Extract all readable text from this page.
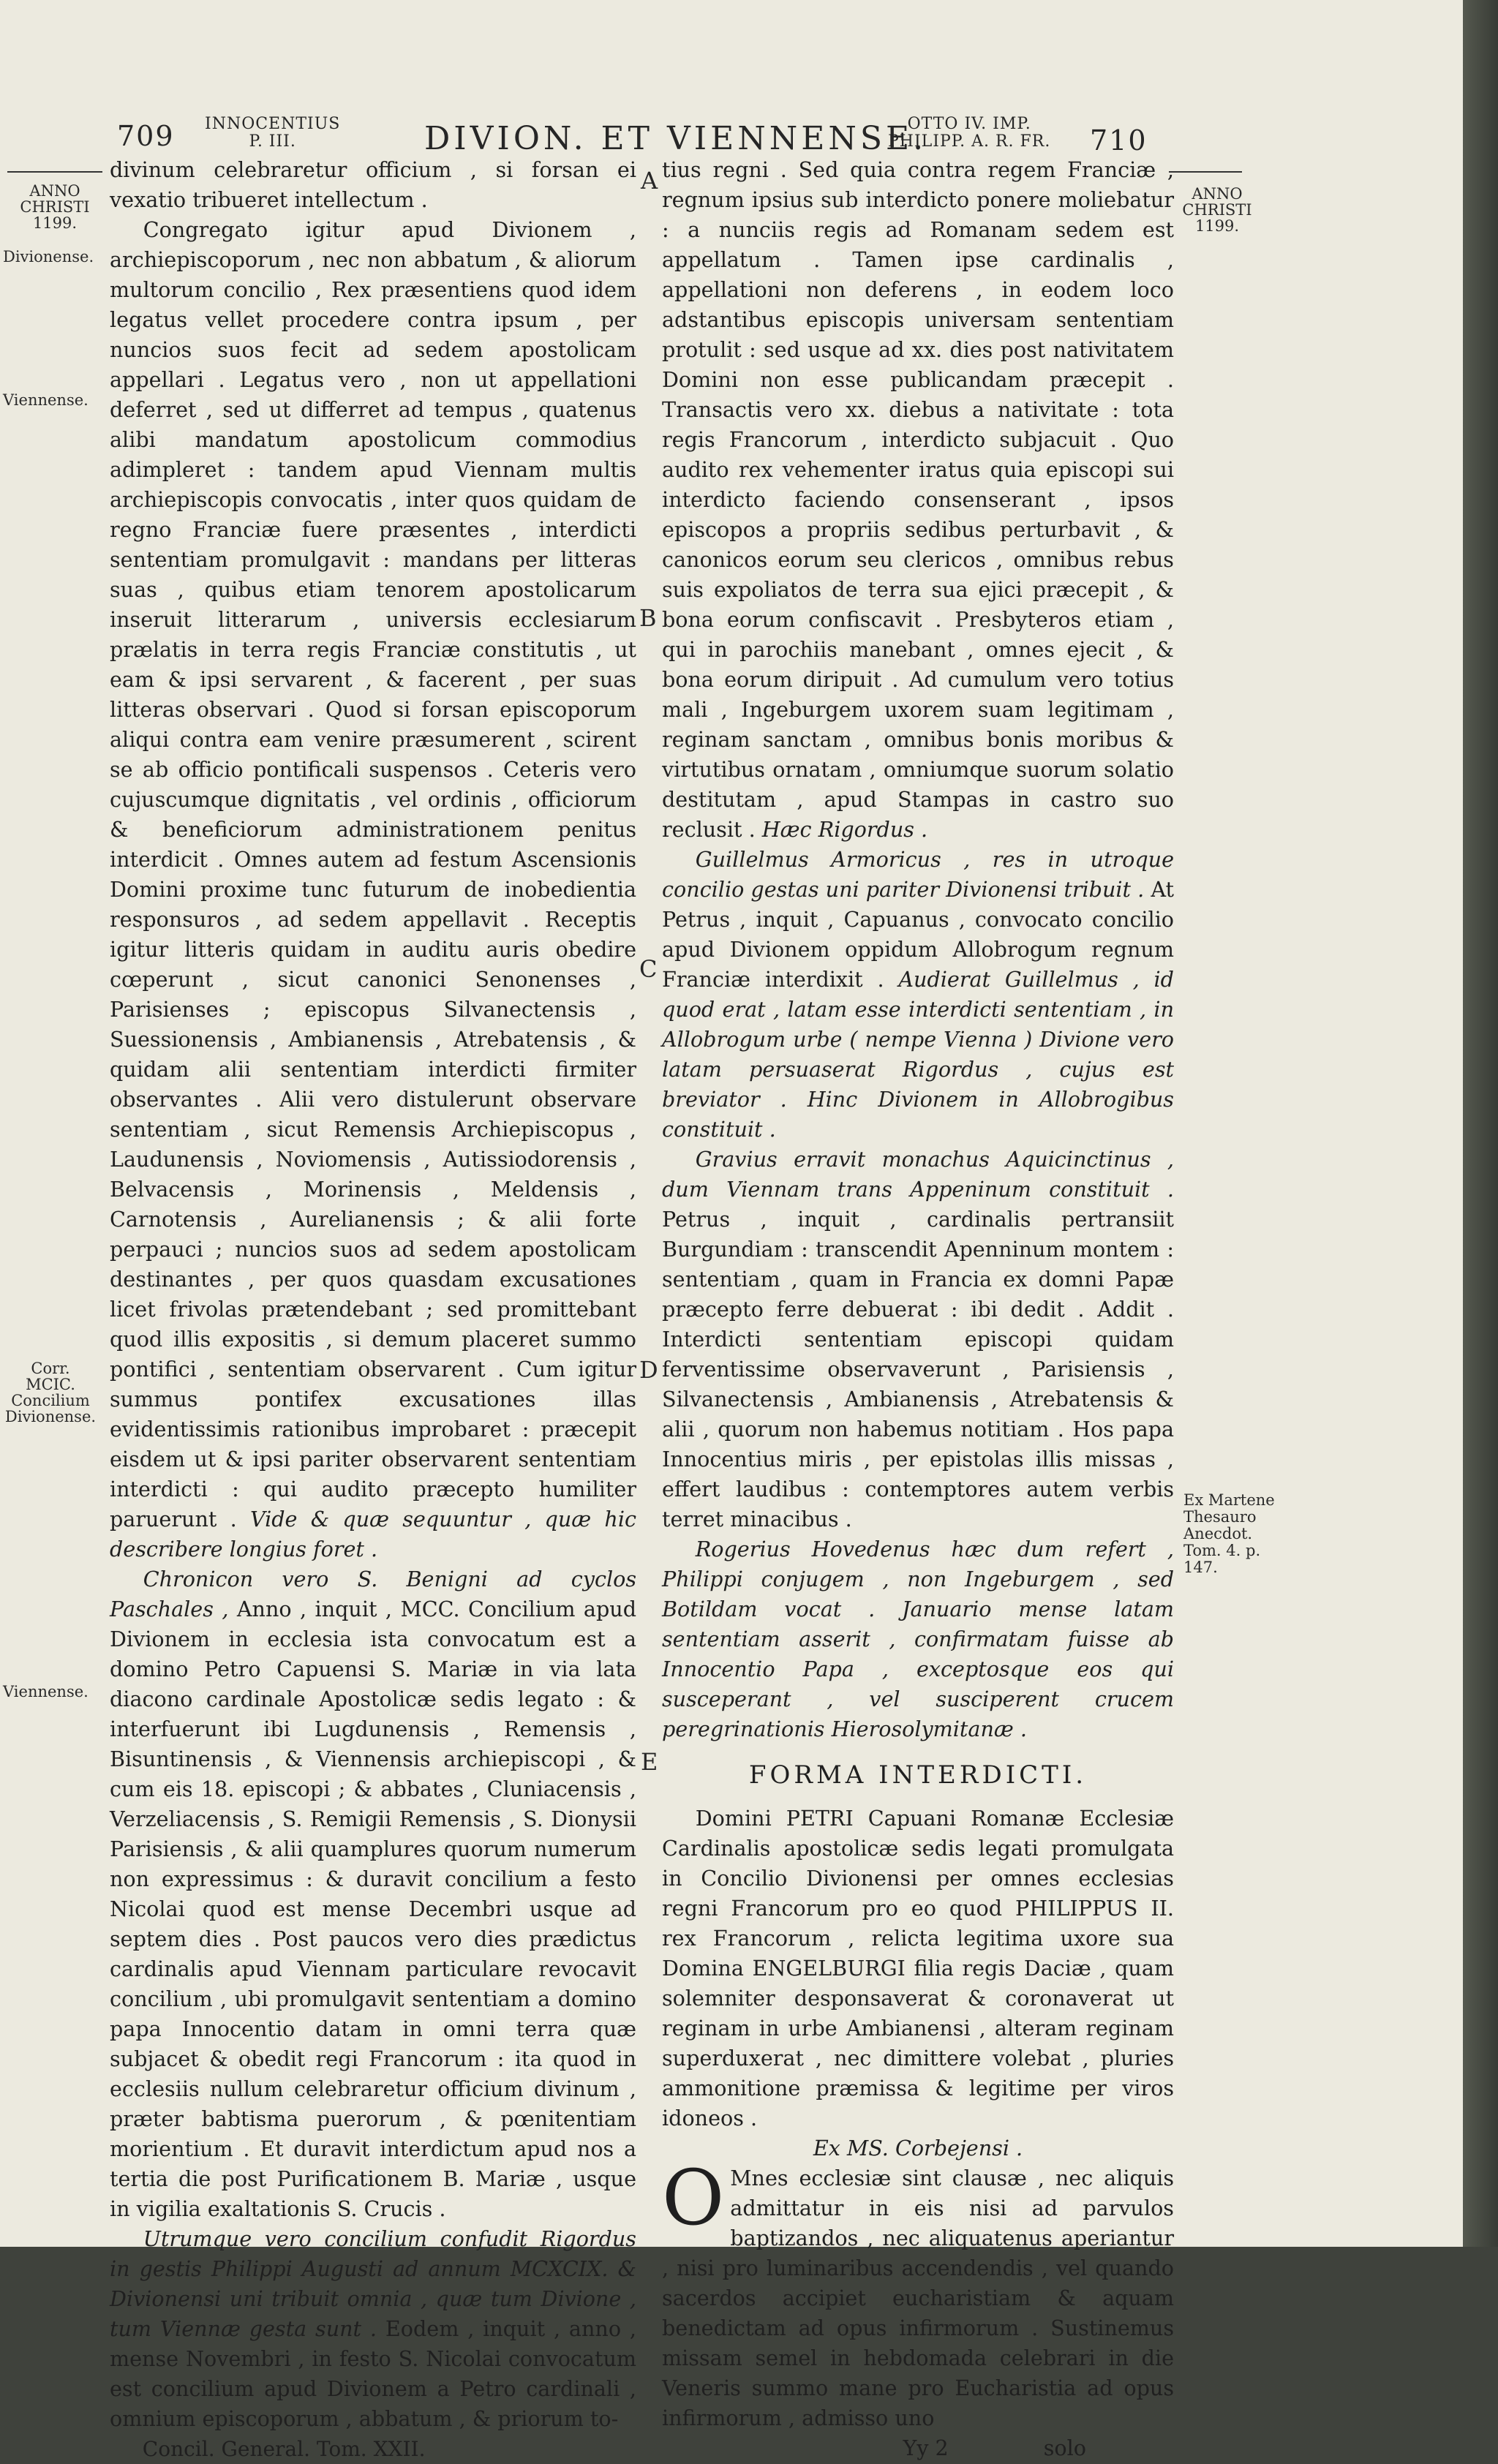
709 INNOCENTIUS
P. III.	DIVION. ET VIENNENSE.
OTTO IV. IMP.
PHILIPP. A. R. FR. 710
ANNO
CHRISTI
1199.
ANNO
CHRISTI
1199.
Divionense.
Viennense.
Corr.
MCIC.
Concilium
Divionense.
Viennense.
Ex Martene
Thesauro
Anecdot.
Tom. 4. p.
147.
A
B
C
D
E

divinum celebraretur officium , si forsan ei vexatio tribueret intellectum .

Congregato igitur apud Divionem , archiepiscoporum , nec non abbatum , & aliorum multorum concilio , Rex præsentiens quod idem legatus vellet procedere contra ipsum , per nuncios suos fecit ad sedem apostolicam appellari . Legatus vero , non ut appellationi deferret , sed ut differret ad tempus , quatenus alibi mandatum apostolicum commodius adimpleret : tandem apud Viennam multis archiepiscopis convocatis , inter quos quidam de regno Franciæ fuere præsentes , interdicti sententiam promulgavit : mandans per litteras suas , quibus etiam tenorem apostolicarum inseruit litterarum , universis ecclesiarum prælatis in terra regis Franciæ constitutis , ut eam & ipsi servarent , & facerent , per suas litteras observari . Quod si forsan episcoporum aliqui contra eam venire præsumerent , scirent se ab officio pontificali suspensos . Ceteris vero cujuscumque dignitatis , vel ordinis , officiorum & beneficiorum administrationem penitus interdicit . Omnes autem ad festum Ascensionis Domini proxime tunc futurum de inobedientia responsuros , ad sedem appellavit . Receptis igitur litteris quidam in auditu auris obedire cœperunt , sicut canonici Senonenses , Parisienses ; episcopus Silvanectensis , Suessionensis , Ambianensis , Atrebatensis , & quidam alii sententiam interdicti firmiter observantes . Alii vero distulerunt observare sententiam , sicut Remensis Archiepiscopus , Laudunensis , Noviomensis , Autissiodorensis , Belvacensis , Morinensis , Meldensis , Carnotensis , Aurelianensis ; & alii forte perpauci ; nuncios suos ad sedem apostolicam destinantes , per quos quasdam excusationes licet frivolas prætendebant ; sed promittebant quod illis expositis , si demum placeret summo pontifici , sententiam observarent . Cum igitur summus pontifex excusationes illas evidentissimis rationibus improbaret : præcepit eisdem ut & ipsi pariter observarent sententiam interdicti : qui audito præcepto humiliter paruerunt . Vide & quæ sequuntur , quæ hic describere longius foret .

Chronicon vero S. Benigni ad cyclos Paschales , Anno , inquit , MCC. Concilium apud Divionem in ecclesia ista convocatum est a domino Petro Capuensi S. Mariæ in via lata diacono cardinale Apostolicæ sedis legato : & interfuerunt ibi Lugdunensis , Remensis , Bisuntinensis , & Viennensis archiepiscopi , & cum eis 18. episcopi ; & abbates , Cluniacensis , Verzeliacensis , S. Remigii Remensis , S. Dionysii Parisiensis , & alii quamplures quorum numerum non expressimus : & duravit concilium a festo Nicolai quod est mense Decembri usque ad septem dies . Post paucos vero dies prædictus cardinalis apud Viennam particulare revocavit concilium , ubi promulgavit sententiam a domino papa Innocentio datam in omni terra quæ subjacet & obedit regi Francorum : ita quod in ecclesiis nullum celebraretur officium divinum , præter babtisma puerorum , & pœnitentiam morientium . Et duravit interdictum apud nos a tertia die post Purificationem B. Mariæ , usque in vigilia exaltationis S. Crucis .

Utrumque vero concilium confudit Rigordus in gestis Philippi Augusti ad annum MCXCIX. & Divionensi uni tribuit omnia , quæ tum Divione , tum Viennæ gesta sunt . Eodem , inquit , anno , mense Novembri , in festo S. Nicolai convocatum est concilium apud Divionem a Petro cardinali , omnium episcoporum , abbatum , & priorum to-

Concil. General. Tom. XXII.

tius regni . Sed quia contra regem Franciæ , regnum ipsius sub interdicto ponere moliebatur : a nunciis regis ad Romanam sedem est appellatum . Tamen ipse cardinalis , appellationi non deferens , in eodem loco adstantibus episcopis universam sententiam protulit : sed usque ad xx. dies post nativitatem Domini non esse publicandam præcepit . Transactis vero xx. diebus a nativitate : tota regis Francorum , interdicto subjacuit . Quo audito rex vehementer iratus quia episcopi sui interdicto faciendo consenserant , ipsos episcopos a propriis sedibus perturbavit , & canonicos eorum seu clericos , omnibus rebus suis expoliatos de terra sua ejici præcepit , & bona eorum confiscavit . Presbyteros etiam , qui in parochiis manebant , omnes ejecit , & bona eorum diripuit . Ad cumulum vero totius mali , Ingeburgem uxorem suam legitimam , reginam sanctam , omnibus bonis moribus & virtutibus ornatam , omniumque suorum solatio destitutam , apud Stampas in castro suo reclusit . Hæc Rigordus .

Guillelmus Armoricus , res in utroque concilio gestas uni pariter Divionensi tribuit . At Petrus , inquit , Capuanus , convocato concilio apud Divionem oppidum Allobrogum regnum Franciæ interdixit . Audierat Guillelmus , id quod erat , latam esse interdicti sententiam , in Allobrogum urbe ( nempe Vienna ) Divione vero latam persuaserat Rigordus , cujus est breviator . Hinc Divionem in Allobrogibus constituit .

Gravius erravit monachus Aquicinctinus , dum Viennam trans Appeninum constituit . Petrus , inquit , cardinalis pertransiit Burgundiam : transcendit Apenninum montem : sententiam , quam in Francia ex domni Papæ præcepto ferre debuerat : ibi dedit . Addit . Interdicti sententiam episcopi quidam ferventissime observaverunt , Parisiensis , Silvanectensis , Ambianensis , Atrebatensis & alii , quorum non habemus notitiam . Hos papa Innocentius miris , per epistolas illis missas , effert laudibus : contemptores autem verbis terret minacibus .

Rogerius Hovedenus hæc dum refert , Philippi conjugem , non Ingeburgem , sed Botildam vocat . Januario mense latam sententiam asserit , confirmatam fuisse ab Innocentio Papa , exceptosque eos qui susceperant , vel susciperent crucem peregrinationis Hierosolymitanæ .

FORMA INTERDICTI.

Domini PETRI Capuani Romanæ Ecclesiæ Cardinalis apostolicæ sedis legati promulgata in Concilio Divionensi per omnes ecclesias regni Francorum pro eo quod PHILIPPUS II. rex Francorum , relicta legitima uxore sua Domina ENGELBURGI filia regis Daciæ , quam solemniter desponsaverat & coronaverat ut reginam in urbe Ambianensi , alteram reginam superduxerat , nec dimittere volebat , pluries ammonitione præmissa & legitime per viros idoneos .

Ex MS. Corbejensi .

O Mnes ecclesiæ sint clausæ , nec aliquis admittatur in eis nisi ad parvulos baptizandos , nec aliquatenus aperiantur , nisi pro luminaribus accendendis , vel quando sacerdos accipiet eucharistiam & aquam benedictam ad opus infirmorum . Sustinemus missam semel in hebdomada celebrari in die Veneris summo mane pro Eucharistia ad opus infirmorum , admisso uno

Yy 2	solo
